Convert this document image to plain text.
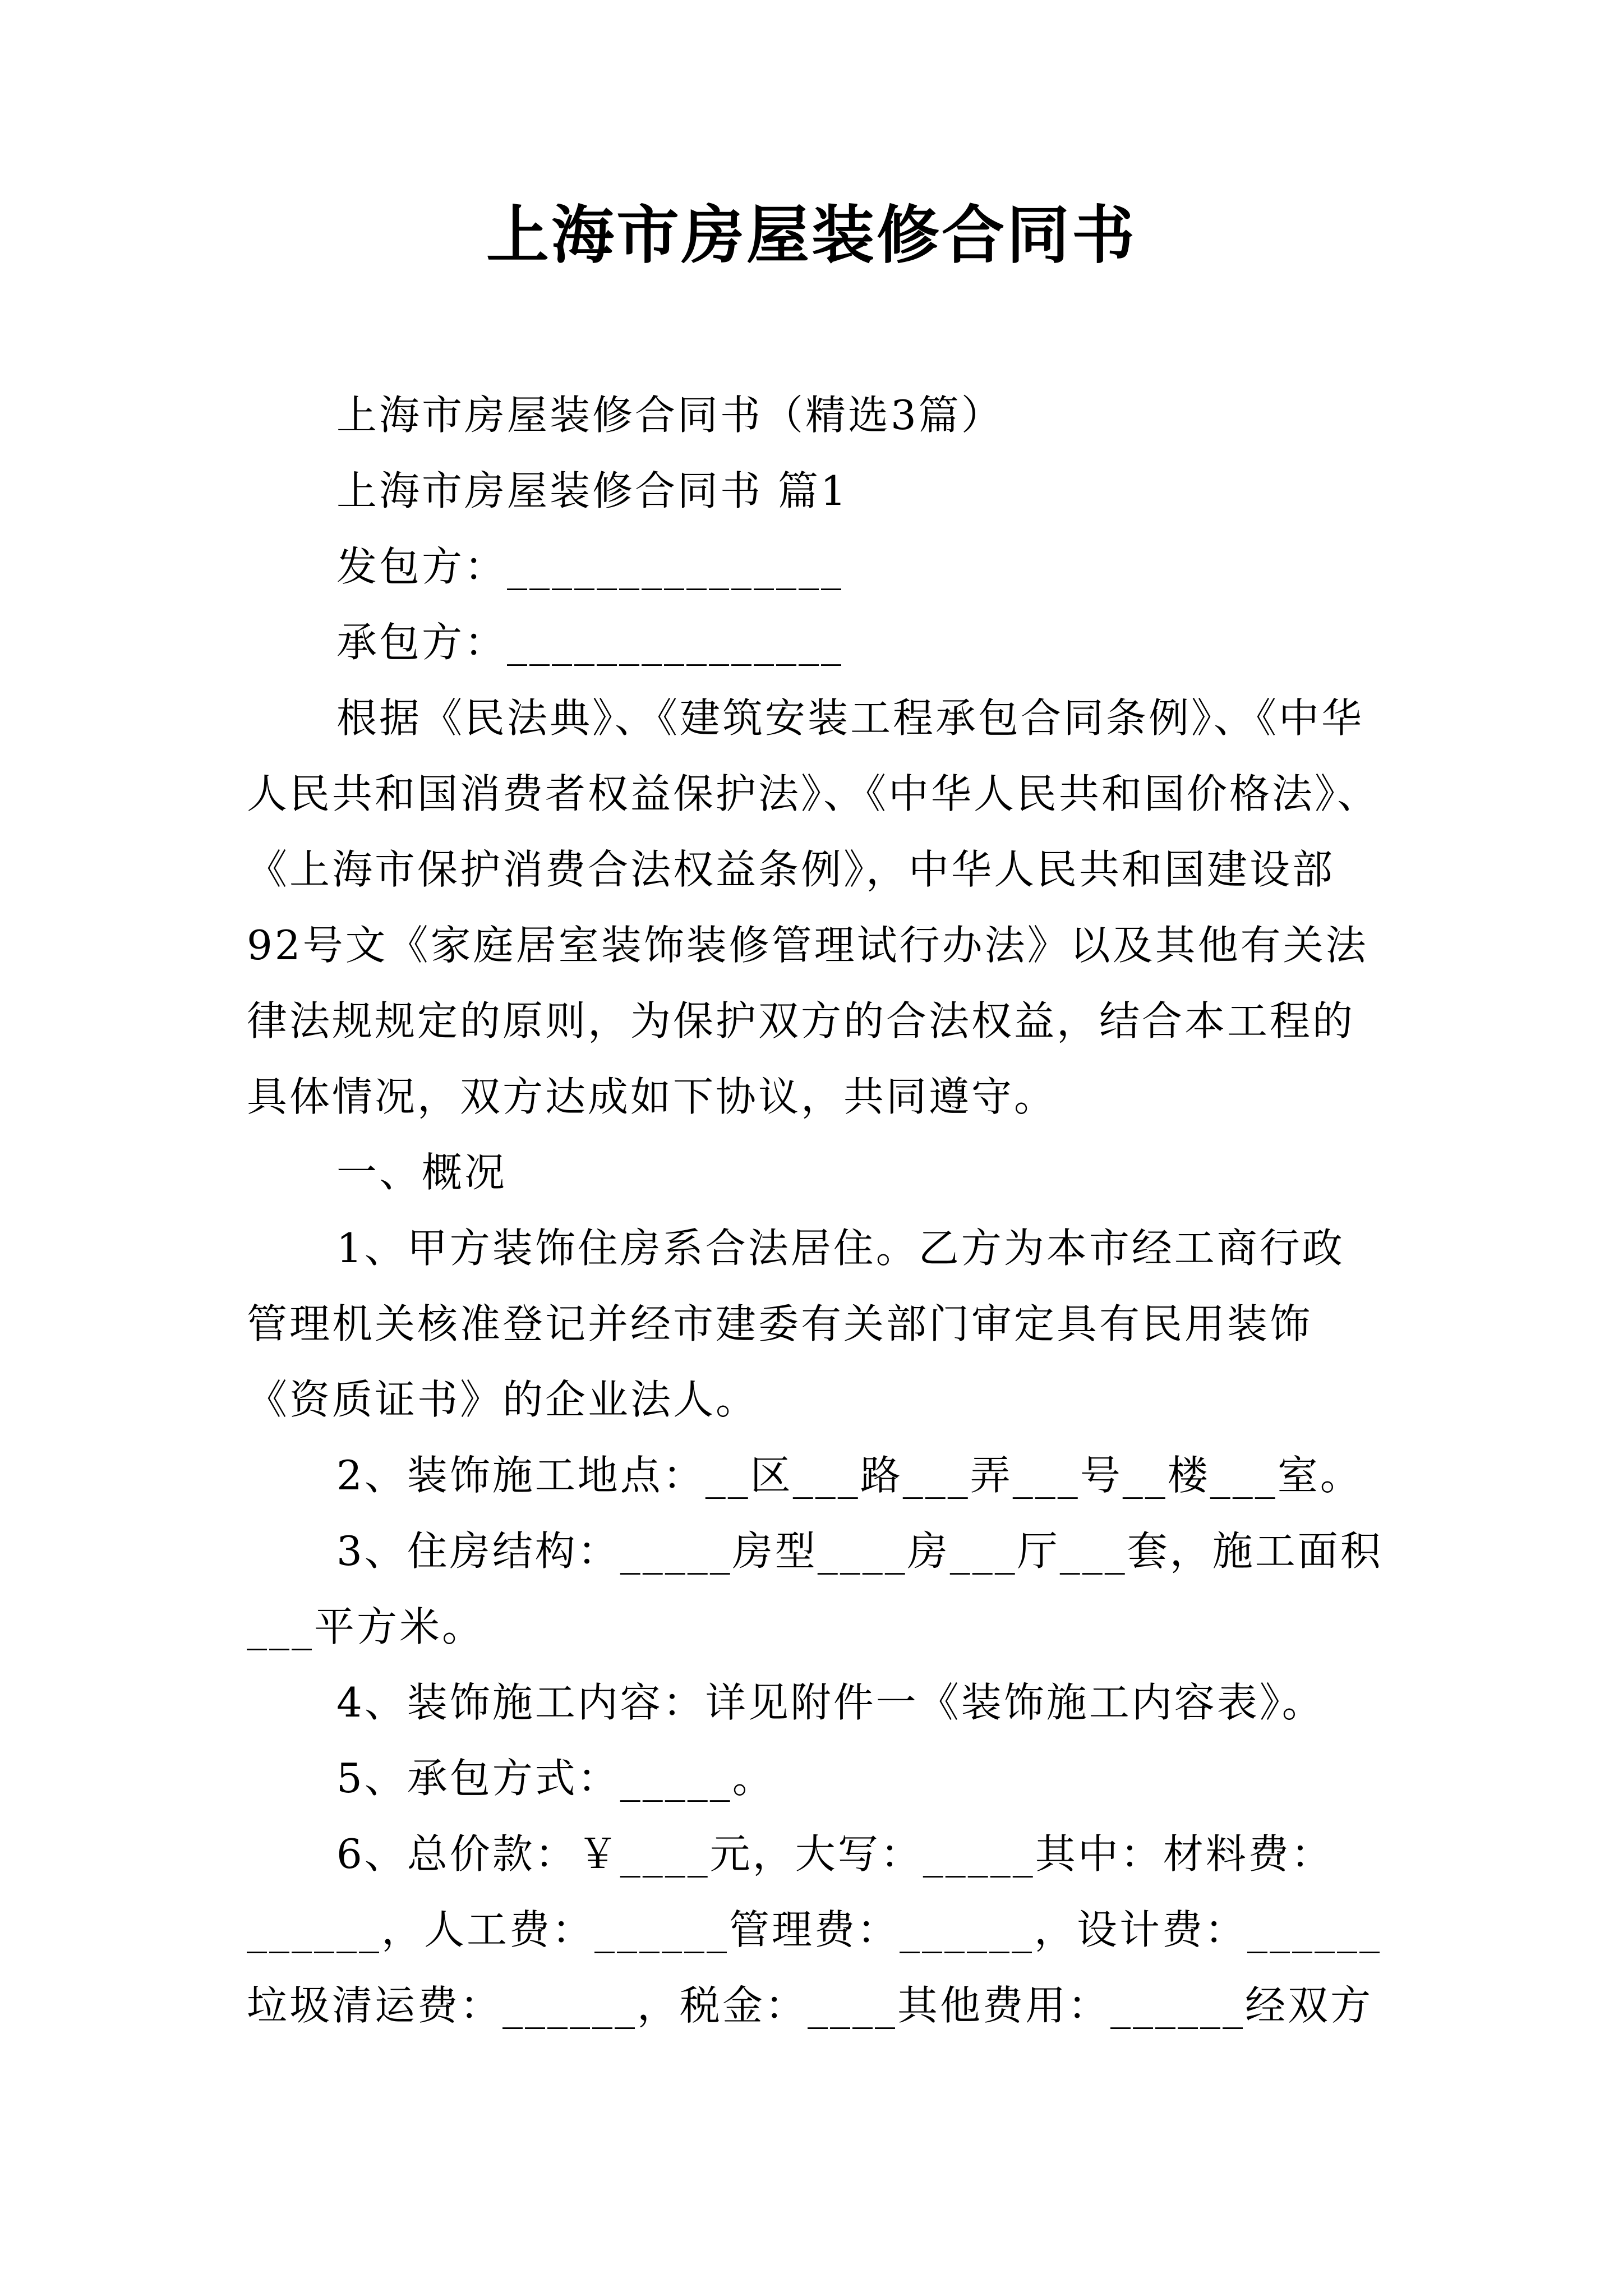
上海市房屋装修合同书
上海市房屋装修合同书（精选3篇）
上海市房屋装修合同书 篇1
发包方：_______________
承包方：_______________
根据《民法典》、《建筑安装工程承包合同条例》、《中华
人民共和国消费者权益保护法》、《中华人民共和国价格法》、
《上海市保护消费合法权益条例》，中华人民共和国建设部
92号文《家庭居室装饰装修管理试行办法》以及其他有关法
律法规规定的原则，为保护双方的合法权益，结合本工程的
具体情况，双方达成如下协议，共同遵守。
一、概况
1、甲方装饰住房系合法居住。乙方为本市经工商行政
管理机关核准登记并经市建委有关部门审定具有民用装饰
《资质证书》的企业法人。
2、装饰施工地点：__区___路___弄___号__楼___室。
3、住房结构：_____房型____房___厅___套，施工面积
___平方米。
4、装饰施工内容：详见附件一《装饰施工内容表》。
5、承包方式：_____。
6、总价款：￥____元，大写：_____其中：材料费：
______，人工费：______管理费：______，设计费：______
垃圾清运费：______，税金：____其他费用：______经双方
